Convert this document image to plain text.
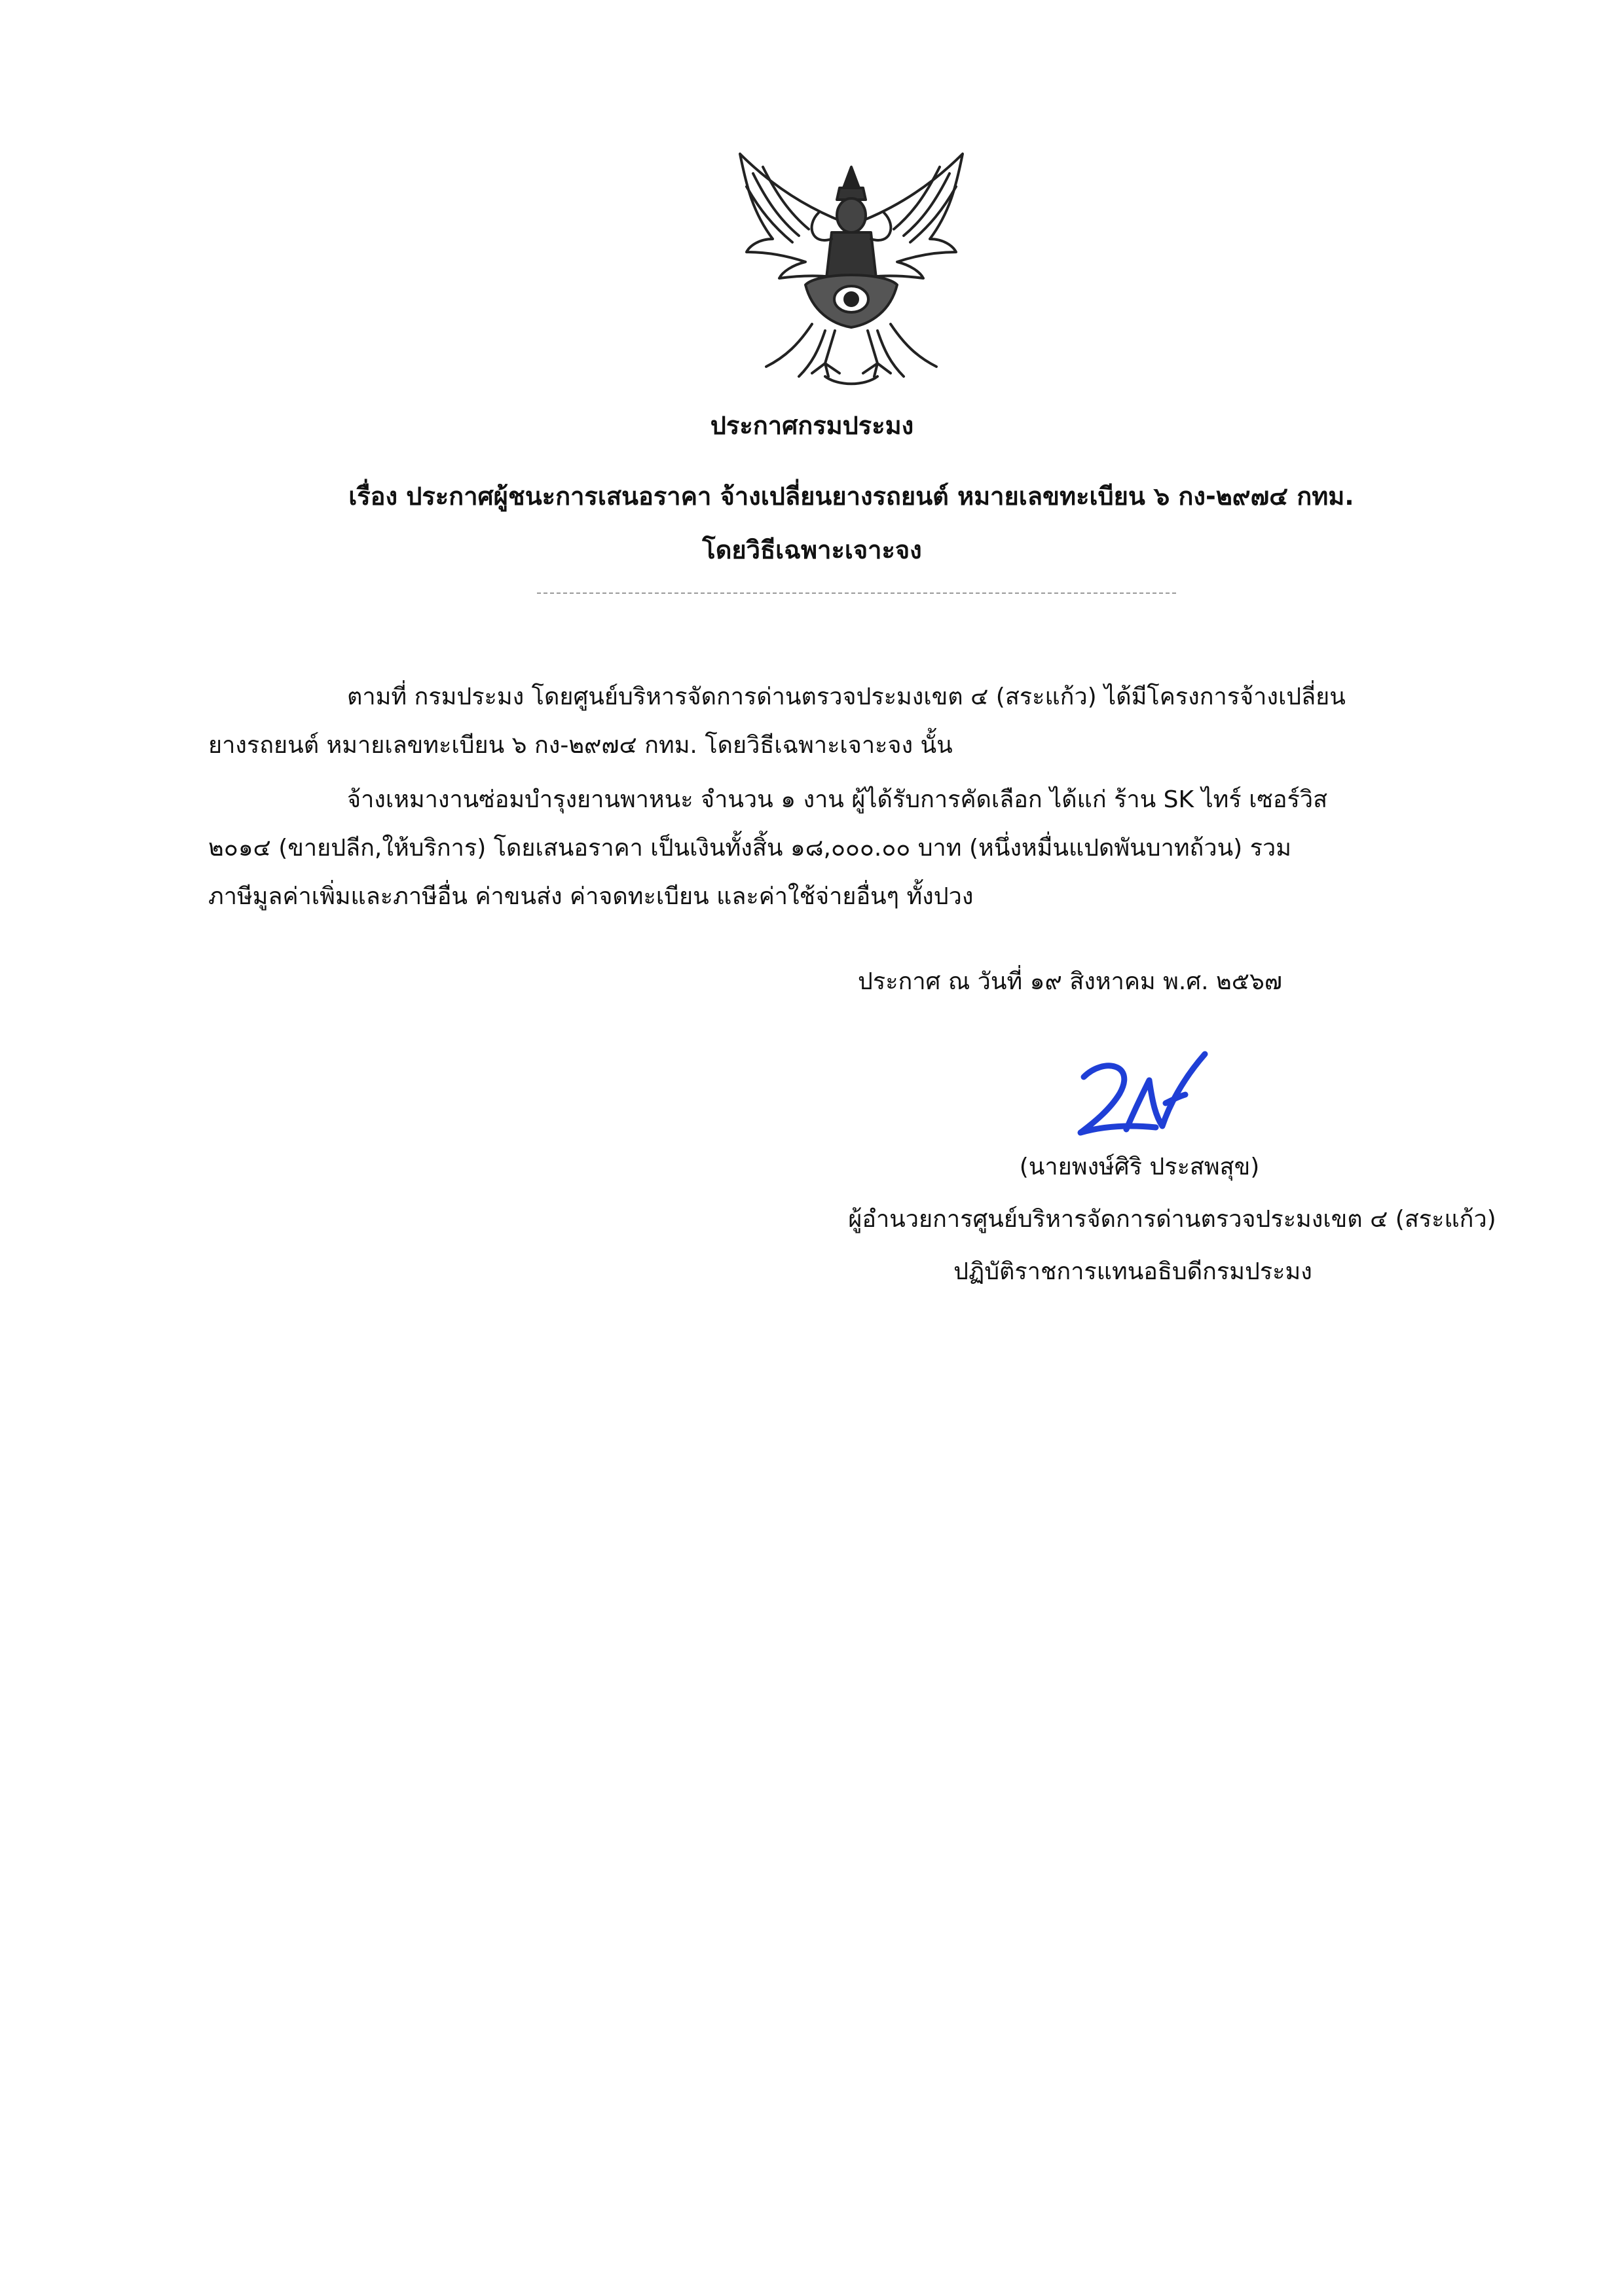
ประกาศกรมประมง
เรื่อง ประกาศผู้ชนะการเสนอราคา จ้างเปลี่ยนยางรถยนต์ หมายเลขทะเบียน ๖ กง-๒๙๗๔ กทม.
โดยวิธีเฉพาะเจาะจง
ตามที่ กรมประมง โดยศูนย์บริหารจัดการด่านตรวจประมงเขต ๔ (สระแก้ว) ได้มีโครงการจ้างเปลี่ยน
ยางรถยนต์ หมายเลขทะเบียน ๖ กง-๒๙๗๔ กทม. โดยวิธีเฉพาะเจาะจง นั้น
จ้างเหมางานซ่อมบำรุงยานพาหนะ จำนวน ๑ งาน ผู้ได้รับการคัดเลือก ได้แก่ ร้าน SK ไทร์ เซอร์วิส
๒๐๑๔ (ขายปลีก,ให้บริการ) โดยเสนอราคา เป็นเงินทั้งสิ้น ๑๘,๐๐๐.๐๐ บาท (หนึ่งหมื่นแปดพันบาทถ้วน) รวม
ภาษีมูลค่าเพิ่มและภาษีอื่น ค่าขนส่ง ค่าจดทะเบียน และค่าใช้จ่ายอื่นๆ ทั้งปวง
ประกาศ ณ วันที่ ๑๙ สิงหาคม พ.ศ. ๒๕๖๗
(นายพงษ์ศิริ ประสพสุข)
ผู้อำนวยการศูนย์บริหารจัดการด่านตรวจประมงเขต ๔ (สระแก้ว)
ปฏิบัติราชการแทนอธิบดีกรมประมง
